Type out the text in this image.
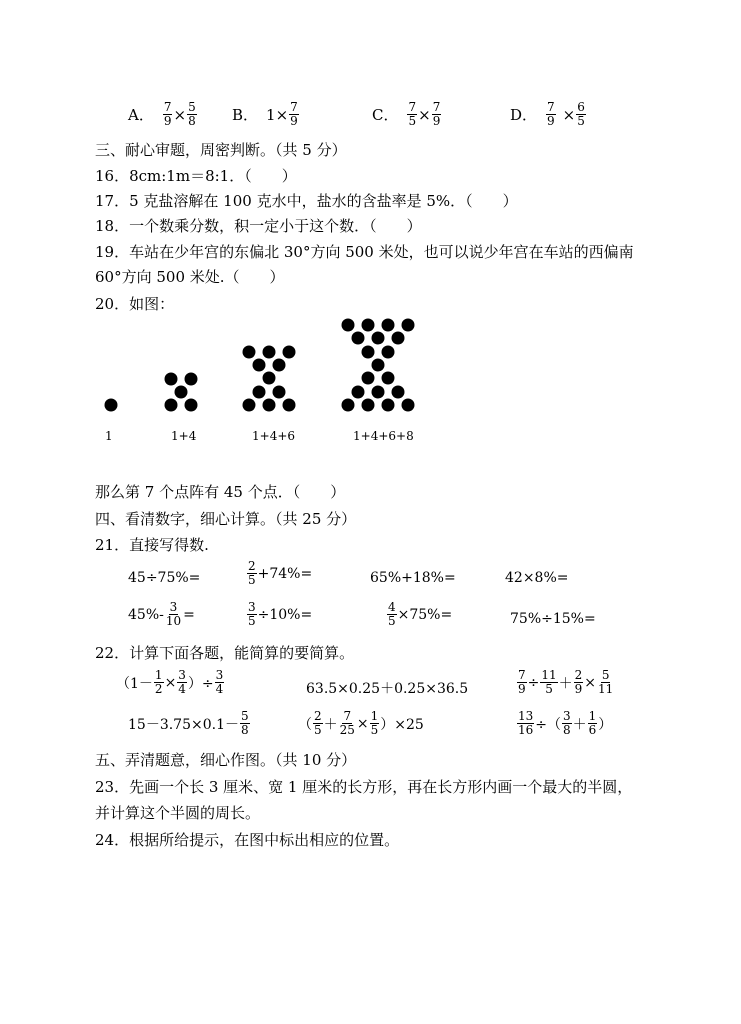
A． $\frac{7}{9} \times \frac{5}{8}$ B． $1\times \frac{7}{9}$	C． $\frac{7}{5} \times \frac{7}{9}$	D． $\frac{7}{9} \times \frac{6}{5}$
三、耐心审题，周密判断。（共 5 分）
16．8cm:1m＝8:1．（　　）
17．5 克盐溶解在 100 克水中，盐水的含盐率是 5%．（　　）
18．一个数乘分数，积一定小于这个数．（　　）
19．车站在少年宫的东偏北 30°方向 500 米处，也可以说少年宫在车站的西偏南
60°方向 500 米处.（　　）
20．如图：
1	1+4	1+4+6	1+4+6+8
那么第 7 个点阵有 45 个点．（　　）
四、看清数字，细心计算。（共 25 分）
21．直接写得数.
45÷75%=	$\frac{2}{5} +74\%=$	65%+18%=	42×8%=
$45\%- \frac{3}{10}$ =	$\frac{3}{5} \div 10\%=$	$\frac{4}{5} \times 75\%=$	75%÷15%=
22．计算下面各题，能简算的要简算。
（$1- \frac{1}{2} \times \frac{3}{4}$ ）÷ $\frac{3}{4}$	63.5×0.25＋0.25×36.5	$\frac{7}{9} \div \frac{11}{5} + \frac{2}{9} \times \frac{5}{11}$
$15-3.75\times 0.1- \frac{5}{8}$	（ $\frac{2}{5} + \frac{7}{25} \times \frac{1}{5} )\times 25$	$\frac{13}{16}$ ÷（ $\frac{3}{8} + \frac{1}{6}$ ）
五、弄清题意，细心作图。（共 10 分）
23．先画一个长 3 厘米、宽 1 厘米的长方形，再在长方形内画一个最大的半圆，
并计算这个半圆的周长。
24．根据所给提示，在图中标出相应的位置。
